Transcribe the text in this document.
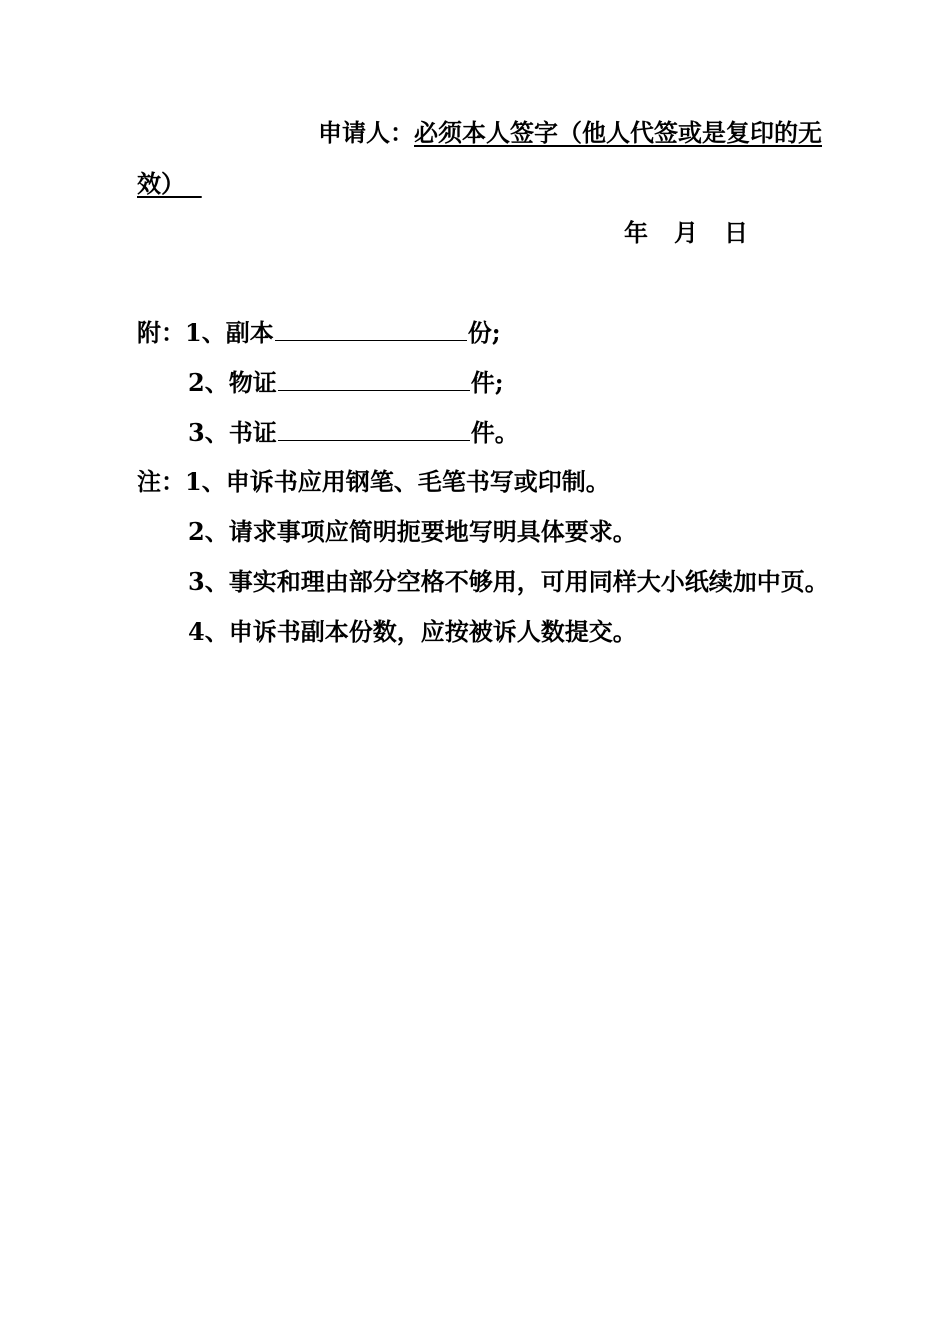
申请人：必须本人签字（他人代签或是复印的无
效）
年 月 日
附：1、副本	份;
2、物证	件;
3、书证	件。
注：1、申诉书应用钢笔、毛笔书写或印制。
2、请求事项应简明扼要地写明具体要求。
3、事实和理由部分空格不够用，可用同样大小纸续加中页。
4、申诉书副本份数，应按被诉人数提交。
